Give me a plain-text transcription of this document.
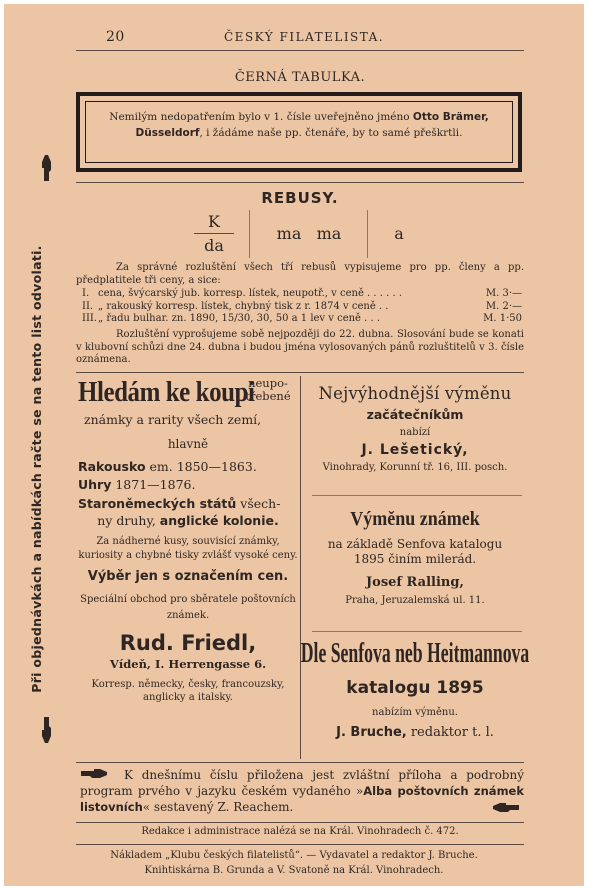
20	ČESKÝ FILATELISTA.
ČERNÁ TABULKA.
Nemilým nedopatřením bylo v 1. čísle uveřejněno jméno Otto Brämer, Düsseldorf, i žádáme naše pp. čtenáře, by to samé přeškrtli.
REBUSY.
K
da
ma   ma	a
Za správné rozluštění všech tří rebusů vypisujeme pro pp. členy a pp. předplatitele tři ceny, a sice:
I. cena, švýcarský jub. korresp. lístek, neupotř., v ceně . . . . . .	M. 3·—
II. „ rakouský korresp. lístek, chybný tisk z r. 1874 v ceně . .	M. 2·—
III. „ řadu bulhar. zn. 1890, 15/30, 30, 50 a 1 lev v ceně . . .	M. 1·50
Rozluštění vyprošujeme sobě nejpozději do 22. dubna. Slosování bude se konati v klubovní schůzi dne 24. dubna i budou jména vylosovaných pánů rozluštitelů v 3. čísle oznámena.
Hledám ke koupi
neupo-
třebené
známky a rarity všech zemí,
hlavně
Rakousko em. 1850—1863.
Uhry 1871—1876.
Staroněmeckých států všech-
ny druhy, anglické kolonie.
Za nádherné kusy, souvisící známky, kuriosity a chybné tisky zvlášť vysoké ceny.
Výběr jen s označením cen.
Speciální obchod pro sběratele poštovních známek.
Rud. Friedl,
Vídeň, I. Herrengasse 6.
Korresp. německy, česky, francouzsky, anglicky a italsky.
Nejvýhodnější výměnu
začátečníkům
nabízí
J. Lešetický,
Vinohrady, Korunní tř. 16, III. posch.
Výměnu známek
na základě Senfova katalogu 1895 činím milerád.
Josef Ralling,
Praha, Jeruzalemská ul. 11.
Dle Senfova neb Heitmannova
katalogu 1895
nabízím výměnu.
J. Bruche, redaktor t. l.
K dnešnímu číslu přiložena jest zvláštní příloha a podrobný program prvého v jazyku českém vydaného »Alba poštovních známek listovních« sestavený Z. Reachem.
Redakce i administrace nalézá se na Král. Vinohradech č. 472.
Nákladem „Klubu českých filatelistů“. — Vydavatel a redaktor J. Bruche.
Knihtiskárna B. Grunda a V. Svatoně na Král. Vinohradech.
Při objednávkách a nabídkách račte se na tento list odvolati.
